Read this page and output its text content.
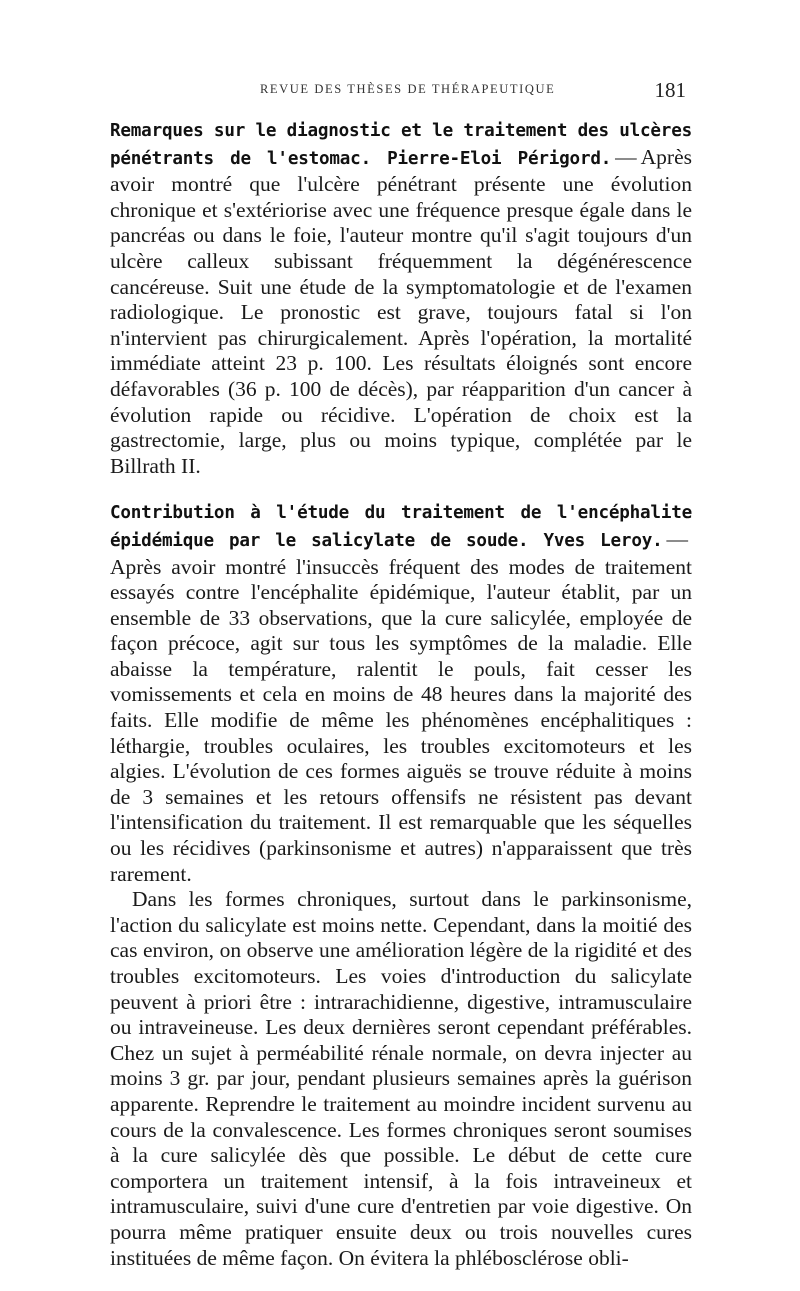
REVUE DES THÈSES DE THÉRAPEUTIQUE	181

Remarques sur le diagnostic et le traitement des ulcères pénétrants de l'estomac. Pierre-Eloi Périgord. — Après avoir montré que l'ulcère pénétrant présente une évolution chronique et s'extériorise avec une fréquence presque égale dans le pancréas ou dans le foie, l'auteur montre qu'il s'agit toujours d'un ulcère calleux subissant fréquemment la dégénérescence cancéreuse. Suit une étude de la symptomatologie et de l'examen radiologique. Le pronostic est grave, toujours fatal si l'on n'intervient pas chirurgicalement. Après l'opération, la mortalité immédiate atteint 23 p. 100. Les résultats éloignés sont encore défavorables (36 p. 100 de décès), par réapparition d'un cancer à évolution rapide ou récidive. L'opération de choix est la gastrectomie, large, plus ou moins typique, complétée par le Billrath II.

Contribution à l'étude du traitement de l'encéphalite épidémique par le salicylate de soude. Yves Leroy. —Après avoir montré l'insuccès fréquent des modes de traitement essayés contre l'encéphalite épidémique, l'auteur établit, par un ensemble de 33 observations, que la cure salicylée, employée de façon précoce, agit sur tous les symptômes de la maladie. Elle abaisse la température, ralentit le pouls, fait cesser les vomissements et cela en moins de 48 heures dans la majorité des faits. Elle modifie de même les phénomènes encéphalitiques : léthargie, troubles oculaires, les troubles excitomoteurs et les algies. L'évolution de ces formes aiguës se trouve réduite à moins de 3 semaines et les retours offensifs ne résistent pas devant l'intensification du traitement. Il est remarquable que les séquelles ou les récidives (parkinsonisme et autres) n'apparaissent que très rarement.

Dans les formes chroniques, surtout dans le parkinsonisme, l'action du salicylate est moins nette. Cependant, dans la moitié des cas environ, on observe une amélioration légère de la rigidité et des troubles excitomoteurs. Les voies d'introduction du salicylate peuvent à priori être : intrarachidienne, digestive, intramusculaire ou intraveineuse. Les deux dernières seront cependant préférables. Chez un sujet à perméabilité rénale normale, on devra injecter au moins 3 gr. par jour, pendant plusieurs semaines après la guérison apparente. Reprendre le traitement au moindre incident survenu au cours de la convalescence. Les formes chroniques seront soumises à la cure salicylée dès que possible. Le début de cette cure comportera un traitement intensif, à la fois intraveineux et intramusculaire, suivi d'une cure d'entretien par voie digestive. On pourra même pratiquer ensuite deux ou trois nouvelles cures instituées de même façon. On évitera la phlébosclérose obli-
